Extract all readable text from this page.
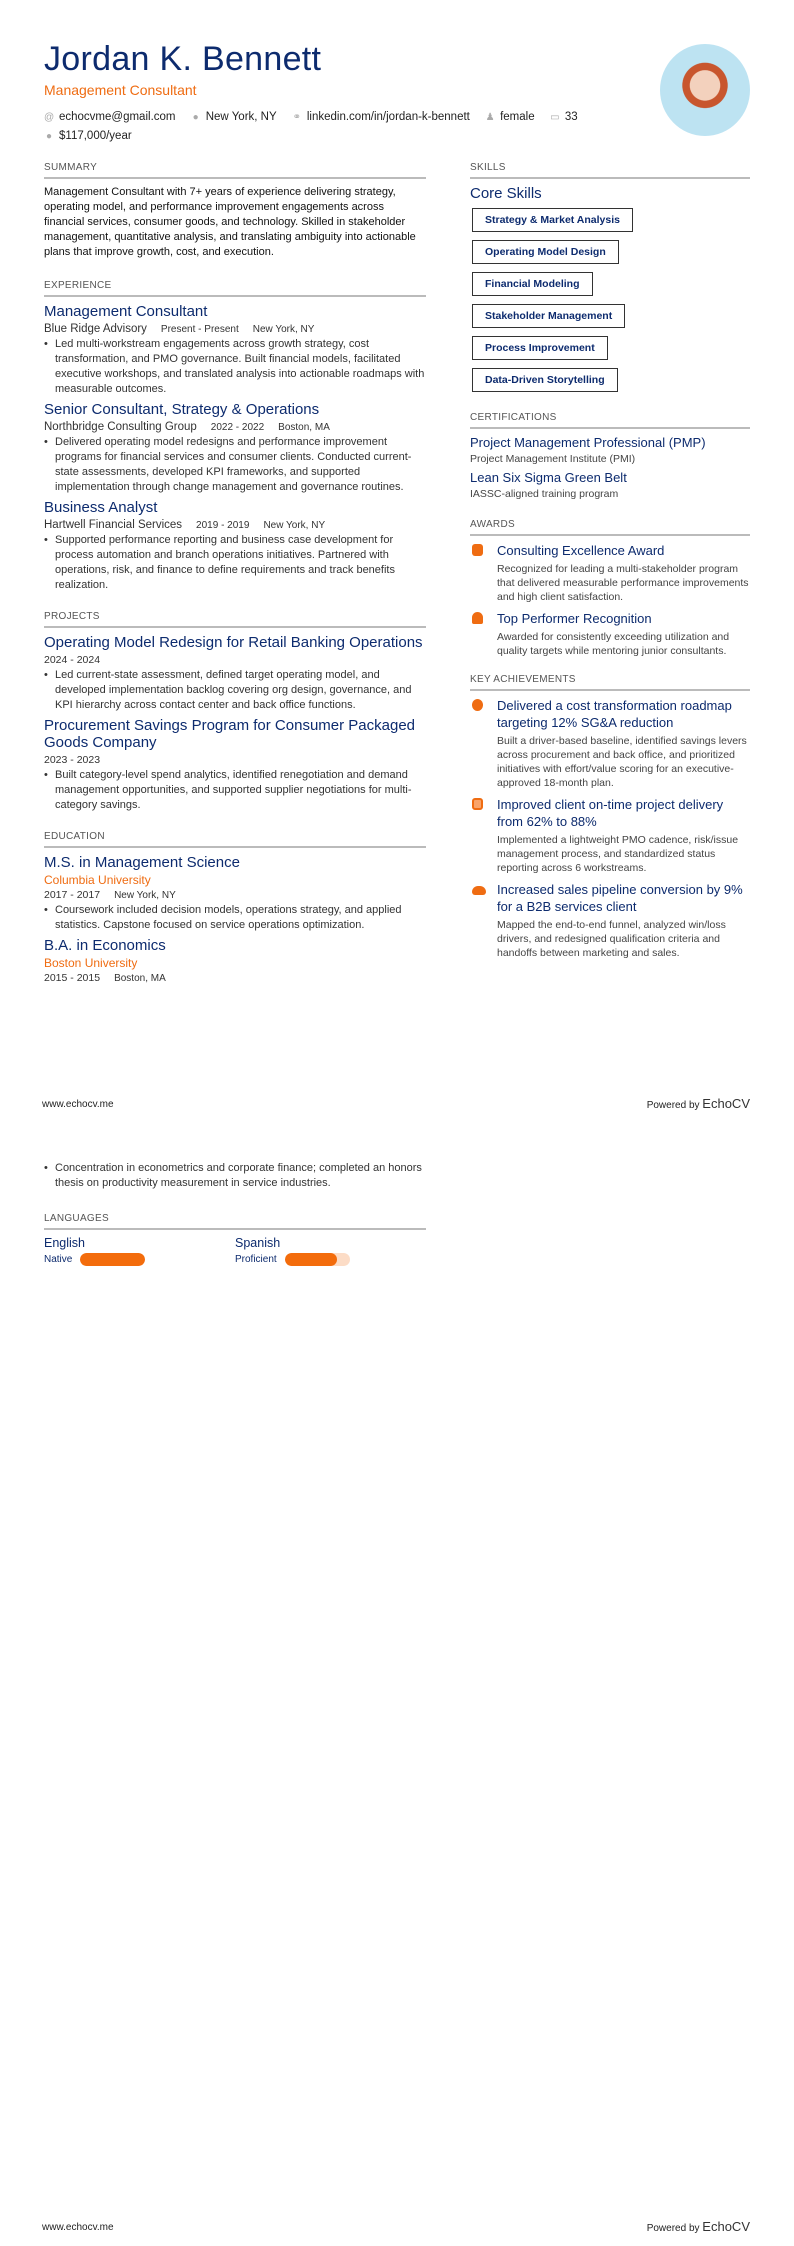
Jordan K. Bennett
Management Consultant
@ echocvme@gmail.com ● New York, NY ⚭ linkedin.com/in/jordan-k-bennett ♟ female ▭ 33
● $117,000/year
SUMMARY
Management Consultant with 7+ years of experience delivering strategy, operating model, and performance improvement engagements across financial services, consumer goods, and technology. Skilled in stakeholder management, quantitative analysis, and translating ambiguity into actionable plans that improve growth, cost, and execution.
EXPERIENCE
Management Consultant
Blue Ridge Advisory Present - Present New York, NY
• Led multi-workstream engagements across growth strategy, cost transformation, and PMO governance. Built financial models, facilitated executive workshops, and translated analysis into actionable roadmaps with measurable outcomes.
Senior Consultant, Strategy & Operations
Northbridge Consulting Group 2022 - 2022 Boston, MA
• Delivered operating model redesigns and performance improvement programs for financial services and consumer clients. Conducted current-state assessments, developed KPI frameworks, and supported implementation through change management and governance routines.
Business Analyst
Hartwell Financial Services 2019 - 2019 New York, NY
• Supported performance reporting and business case development for process automation and branch operations initiatives. Partnered with operations, risk, and finance to define requirements and track benefits realization.
PROJECTS
Operating Model Redesign for Retail Banking Operations
2024 - 2024
• Led current-state assessment, defined target operating model, and developed implementation backlog covering org design, governance, and KPI hierarchy across contact center and back office functions.
Procurement Savings Program for Consumer Packaged Goods Company
2023 - 2023
• Built category-level spend analytics, identified renegotiation and demand management opportunities, and supported supplier negotiations for multi-category savings.
EDUCATION
M.S. in Management Science
Columbia University
2017 - 2017 New York, NY
• Coursework included decision models, operations strategy, and applied statistics. Capstone focused on service operations optimization.
B.A. in Economics
Boston University
2015 - 2015 Boston, MA
SKILLS
Core Skills
Strategy & Market Analysis
Operating Model Design
Financial Modeling
Stakeholder Management
Process Improvement
Data-Driven Storytelling
CERTIFICATIONS
Project Management Professional (PMP)
Project Management Institute (PMI)
Lean Six Sigma Green Belt
IASSC-aligned training program
AWARDS
Consulting Excellence Award
Recognized for leading a multi-stakeholder program that delivered measurable performance improvements and high client satisfaction.
Top Performer Recognition
Awarded for consistently exceeding utilization and quality targets while mentoring junior consultants.
KEY ACHIEVEMENTS
Delivered a cost transformation roadmap targeting 12% SG&A reduction
Built a driver-based baseline, identified savings levers across procurement and back office, and prioritized initiatives with effort/value scoring for an executive-approved 18-month plan.
Improved client on-time project delivery from 62% to 88%
Implemented a lightweight PMO cadence, risk/issue management process, and standardized status reporting across 6 workstreams.
Increased sales pipeline conversion by 9% for a B2B services client
Mapped the end-to-end funnel, analyzed win/loss drivers, and redesigned qualification criteria and handoffs between marketing and sales.
www.echocv.me	Powered by EchoCV
• Concentration in econometrics and corporate finance; completed an honors thesis on productivity measurement in service industries.
LANGUAGES
English
Native
Spanish
Proficient
www.echocv.me	Powered by EchoCV
